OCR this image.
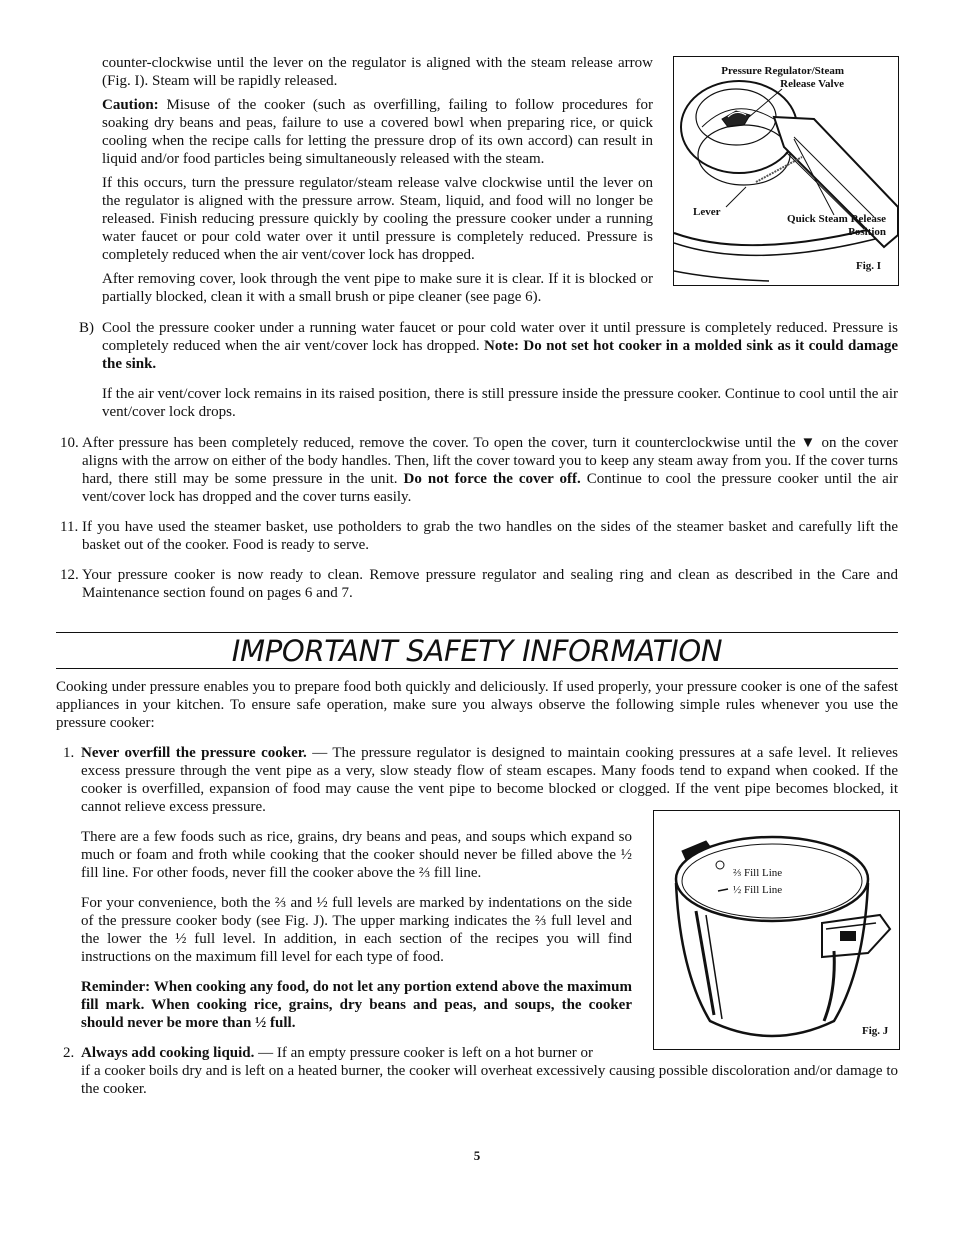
counter-clockwise until the lever on the regulator is aligned with the steam release arrow (Fig. I). Steam will be rapidly released.

Caution: Misuse of the cooker (such as overfilling, failing to follow procedures for soaking dry beans and peas, failure to use a covered bowl when preparing rice, or quick cooling when the recipe calls for letting the pressure drop of its own accord) can result in liquid and/or food particles being simultaneously released with the steam.

If this occurs, turn the pressure regulator/steam release valve clockwise until the lever on the regulator is aligned with the pressure arrow. Steam, liquid, and food will no longer be released. Finish reducing pressure quickly by cooling the pressure cooker under a running water faucet or pour cold water over it until pressure is completely reduced. Pressure is completely reduced when the air vent/cover lock has dropped.

After removing cover, look through the vent pipe to make sure it is clear. If it is blocked or partially blocked, clean it with a small brush or pipe cleaner (see page 6).

Pressure Regulator/Steam Release Valve
Lever
Quick Steam Release Position
Fig. I
B) Cool the pressure cooker under a running water faucet or pour cold water over it until pressure is completely reduced. Pressure is completely reduced when the air vent/cover lock has dropped. Note: Do not set hot cooker in a molded sink as it could damage the sink.

If the air vent/cover lock remains in its raised position, there is still pressure inside the pressure cooker. Continue to cool until the air vent/cover lock drops.

10. After pressure has been completely reduced, remove the cover. To open the cover, turn it counterclockwise until the ▼ on the cover aligns with the arrow on either of the body handles. Then, lift the cover toward you to keep any steam away from you. If the cover turns hard, there still may be some pressure in the unit. Do not force the cover off. Continue to cool the pressure cooker until the air vent/cover lock has dropped and the cover turns easily.

11. If you have used the steamer basket, use potholders to grab the two handles on the sides of the steamer basket and carefully lift the basket out of the cooker. Food is ready to serve.

12. Your pressure cooker is now ready to clean. Remove pressure regulator and sealing ring and clean as described in the Care and Maintenance section found on pages 6 and 7.

IMPORTANT SAFETY INFORMATION

Cooking under pressure enables you to prepare food both quickly and deliciously. If used properly, your pressure cooker is one of the safest appliances in your kitchen. To ensure safe operation, make sure you always observe the following simple rules whenever you use the pressure cooker:

1. Never overfill the pressure cooker. — The pressure regulator is designed to maintain cooking pressures at a safe level. It relieves excess pressure through the vent pipe as a very, slow steady flow of steam escapes. Many foods tend to expand when cooked. If the cooker is overfilled, expansion of food may cause the vent pipe to become blocked or clogged. If the vent pipe becomes blocked, it cannot relieve excess pressure.

There are a few foods such as rice, grains, dry beans and peas, and soups which expand so much or foam and froth while cooking that the cooker should never be filled above the ½ fill line. For other foods, never fill the cooker above the ⅔ fill line.

For your convenience, both the ⅔ and ½ full levels are marked by indentations on the side of the pressure cooker body (see Fig. J). The upper marking indicates the ⅔ full level and the lower the ½ full level. In addition, in each section of the recipes you will find instructions on the maximum fill level for each type of food.

Reminder: When cooking any food, do not let any portion extend above the maximum fill mark. When cooking rice, grains, dry beans and peas, and soups, the cooker should never be more than ½ full.

⅔ Fill Line
½ Fill Line
Fig. J
2. Always add cooking liquid. — If an empty pressure cooker is left on a hot burner or

if a cooker boils dry and is left on a heated burner, the cooker will overheat excessively causing possible discoloration and/or damage to the cooker.

5
